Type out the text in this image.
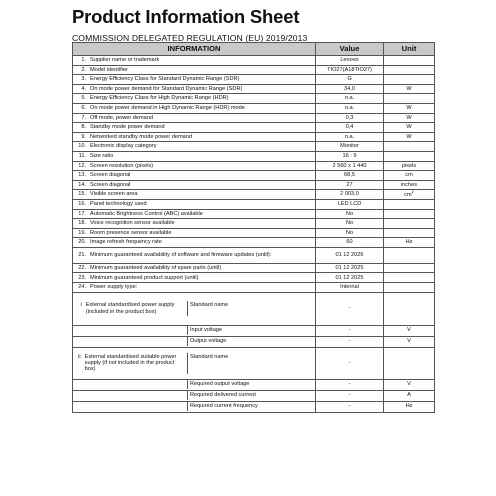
Product Information Sheet
COMMISSION DELEGATED REGULATION (EU) 2019/2013
INFORMATION	Value	Unit
1. Supplier name or trademark	Lenovo	
2. Model identifier	TIO27(A18TIO27)	
3. Energy Efficiency Class for Standard Dynamic Range (SDR)	G	
4. On mode power demand for Standard Dynamic Range (SDR)	34,0	W
5. Energy Efficiency Class for High Dynamic Range (HDR)	n.a.	
6. On mode power demand in High Dynamic Range (HDR) mode	n.a.	W
7. Off mode, power demand	0,3	W
8. Standby mode power demand	0,4	W
9. Networked standby mode power demand	n.a.	W
10. Electronic display category	Monitor	
11. Size ratio	16 : 9	
12. Screen resolution (pixels)	2 560 x 1 440	pixels
13. Screen diagonal	68,5	cm
14. Screen diagonal	27	inches
15. Visible screen area	2 003,0	$cm^2$
16. Panel technology used	LED LCD	
17. Automatic Brightness Control (ABC) available	No	
18. Voice recognition sensor available	No	
19. Room presence sensor available	No	
20. Image refresh frequency rate	60	Hz
21. Minimum guaranteed availability of software and firmware updates (until):	01 12 2026	
22. Minimum guaranteed availability of spare parts (until)	01 12 2025	
23. Minimum guaranteed product support (until)	01 12 2025	
24. Power supply type:	Internal	

i External standardised power supply (included in the product box)
Standard name	-	

Input voltage	-	V

Output voltage	-	V

ii External standardised suitable power supply (if not included in the product box)
Standard name	-	

Required output voltage	-	V

Required delivered current	-	A

Required current frequency	-	Hz
